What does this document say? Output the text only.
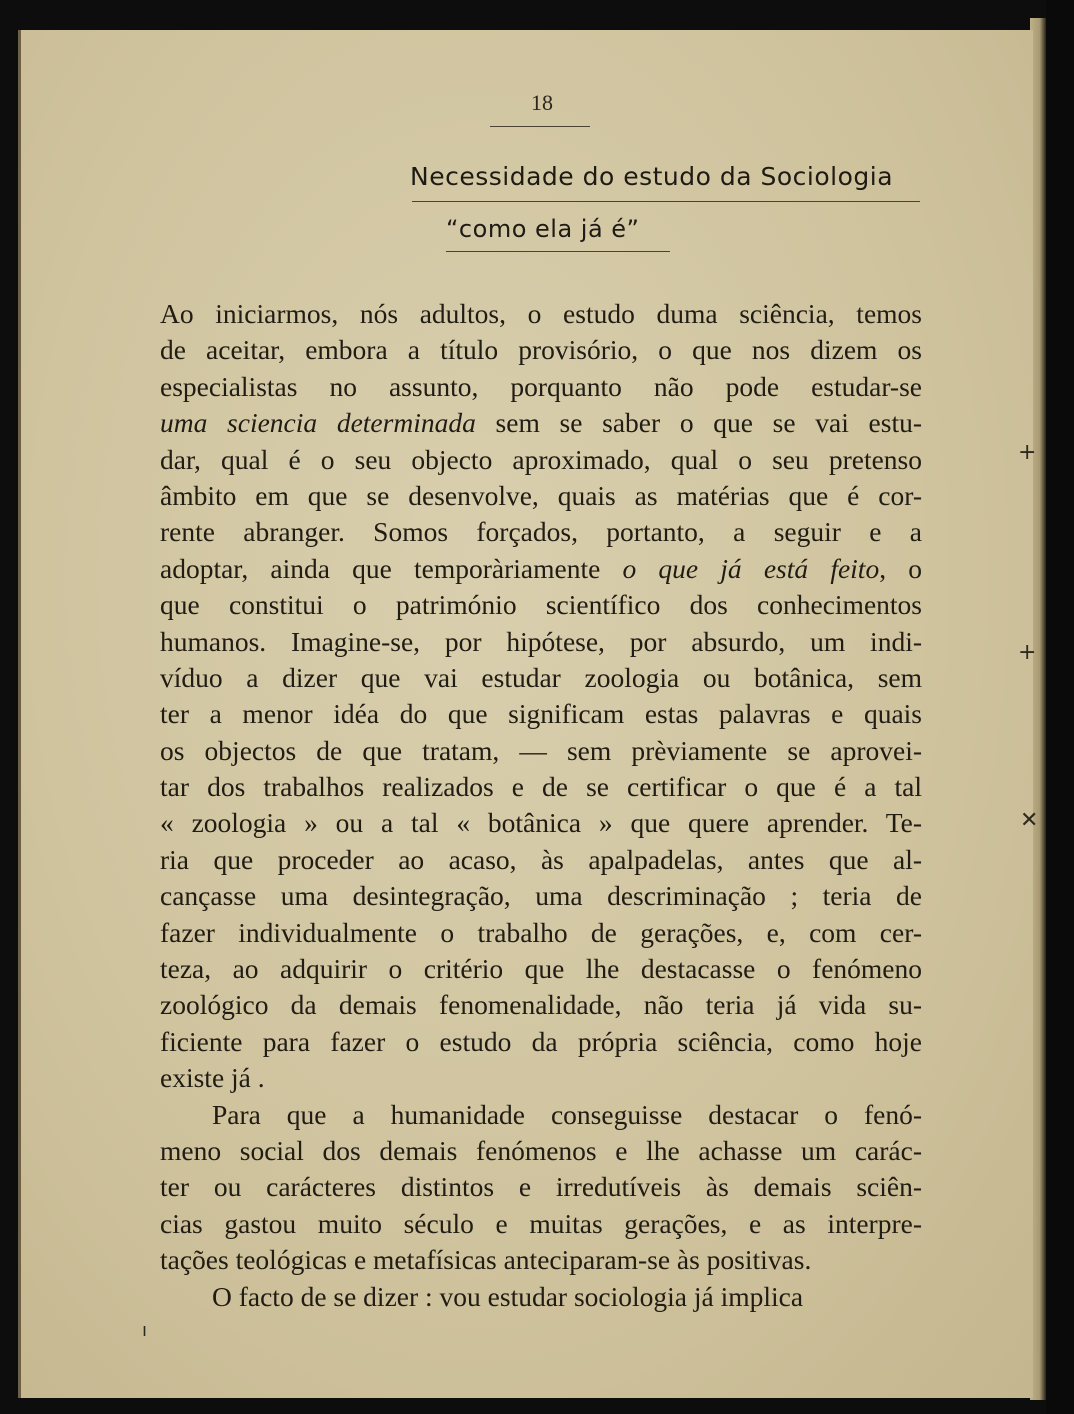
18
Necessidade do estudo da Sociologia
“como ela já é”
Ao iniciarmos, nós adultos, o estudo duma sciência, temos
de aceitar, embora a título provisório, o que nos dizem os
especialistas no assunto, porquanto não pode estudar-se
uma sciencia determinada sem se saber o que se vai estu-
dar, qual é o seu objecto aproximado, qual o seu pretenso
âmbito em que se desenvolve, quais as matérias que é cor-
rente abranger. Somos forçados, portanto, a seguir e a
adoptar, ainda que temporàriamente o que já está feito, o
que constitui o património scientífico dos conhecimentos
humanos. Imagine-se, por hipótese, por absurdo, um indi-
víduo a dizer que vai estudar zoologia ou botânica, sem
ter a menor idéa do que significam estas palavras e quais
os objectos de que tratam, — sem prèviamente se aprovei-
tar dos trabalhos realizados e de se certificar o que é a tal
« zoologia » ou a tal « botânica » que quere aprender. Te-
ria que proceder ao acaso, às apalpadelas, antes que al-
cançasse uma desintegração, uma descriminação ; teria de
fazer individualmente o trabalho de gerações, e, com cer-
teza, ao adquirir o critério que lhe destacasse o fenómeno
zoológico da demais fenomenalidade, não teria já vida su-
ficiente para fazer o estudo da própria sciência, como hoje
existe já .
Para que a humanidade conseguisse destacar o fenó-
meno social dos demais fenómenos e lhe achasse um carác-
ter ou carácteres distintos e irredutíveis às demais sciên-
cias gastou muito século e muitas gerações, e as interpre-
tações teológicas e metafísicas anteciparam-se às positivas.
O facto de se dizer : vou estudar sociologia já implica
+
+
✕
ı
